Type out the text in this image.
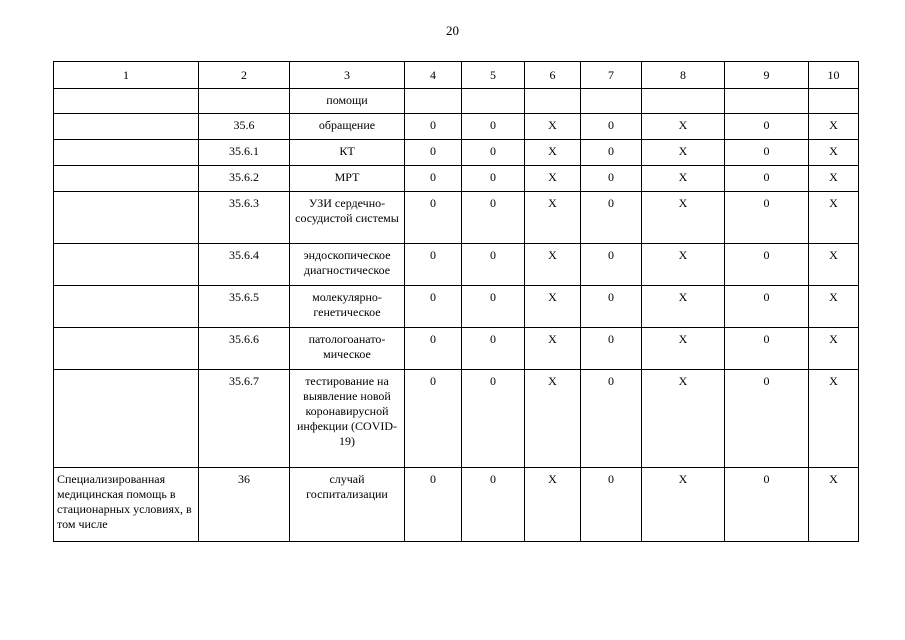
20
1	2	3	4	5	6	7	8	9	10
		помощи							
	35.6	обращение	0	0	X	0	X	0	X
	35.6.1	КТ	0	0	X	0	X	0	X
	35.6.2	МРТ	0	0	X	0	X	0	X
	35.6.3	УЗИ сердечно-сосудистой системы	0	0	X	0	X	0	X
	35.6.4	эндоскопическое диагностическое	0	0	X	0	X	0	X
	35.6.5	молекулярно-генетическое	0	0	X	0	X	0	X
	35.6.6	патологоанато-мическое	0	0	X	0	X	0	X
	35.6.7	тестирование на выявление новой коронавирусной инфекции (COVID-19)	0	0	X	0	X	0	X
Специализированная медицинская помощь в стационарных условиях, в том числе	36	случай госпитализации	0	0	X	0	X	0	X
